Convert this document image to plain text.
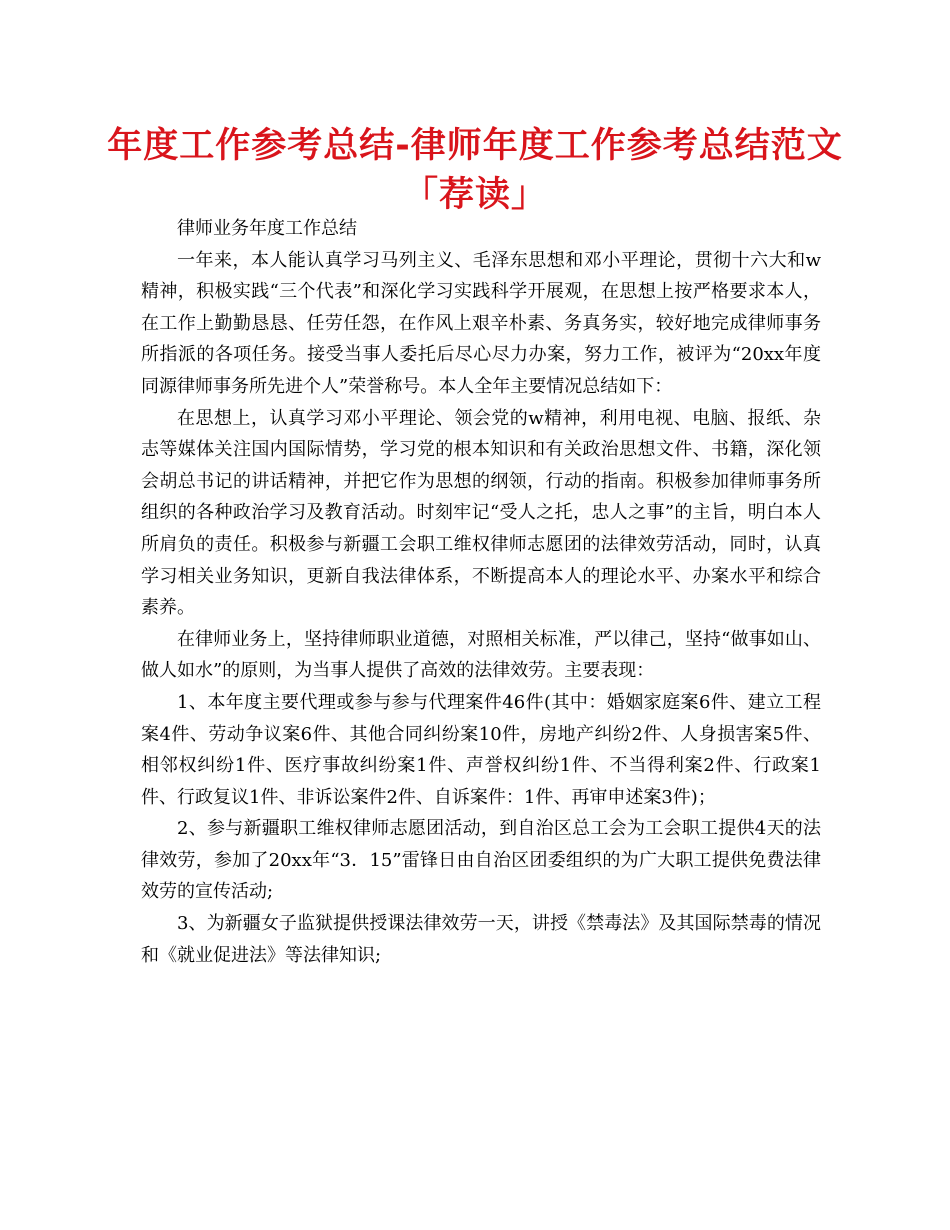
年度工作参考总结-律师年度工作参考总结范文
「荐读」

律师业务年度工作总结

一年来，本人能认真学习马列主义、毛泽东思想和邓小平理论，贯彻十六大和w精神，积极实践“三个代表”和深化学习实践科学开展观，在思想上按严格要求本人，在工作上勤勤恳恳、任劳任怨，在作风上艰辛朴素、务真务实，较好地完成律师事务所指派的各项任务。接受当事人委托后尽心尽力办案，努力工作，被评为“20xx年度同源律师事务所先进个人”荣誉称号。本人全年主要情况总结如下：

在思想上，认真学习邓小平理论、领会党的w精神，利用电视、电脑、报纸、杂志等媒体关注国内国际情势，学习党的根本知识和有关政治思想文件、书籍，深化领会胡总书记的讲话精神，并把它作为思想的纲领，行动的指南。积极参加律师事务所组织的各种政治学习及教育活动。时刻牢记“受人之托，忠人之事”的主旨，明白本人所肩负的责任。积极参与新疆工会职工维权律师志愿团的法律效劳活动，同时，认真学习相关业务知识，更新自我法律体系，不断提高本人的理论水平、办案水平和综合素养。

在律师业务上，坚持律师职业道德，对照相关标准，严以律己，坚持“做事如山、做人如水”的原则，为当事人提供了高效的法律效劳。主要表现：

1、本年度主要代理或参与参与代理案件46件(其中：婚姻家庭案6件、建立工程案4件、劳动争议案6件、其他合同纠纷案10件，房地产纠纷2件、人身损害案5件、相邻权纠纷1件、医疗事故纠纷案1件、声誉权纠纷1件、不当得利案2件、行政案1件、行政复议1件、非诉讼案件2件、自诉案件：1件、再审申述案3件)；

2、参与新疆职工维权律师志愿团活动，到自治区总工会为工会职工提供4天的法律效劳，参加了20xx年“3．15”雷锋日由自治区团委组织的为广大职工提供免费法律效劳的宣传活动;

3、为新疆女子监狱提供授课法律效劳一天，讲授《禁毒法》及其国际禁毒的情况和《就业促进法》等法律知识;
